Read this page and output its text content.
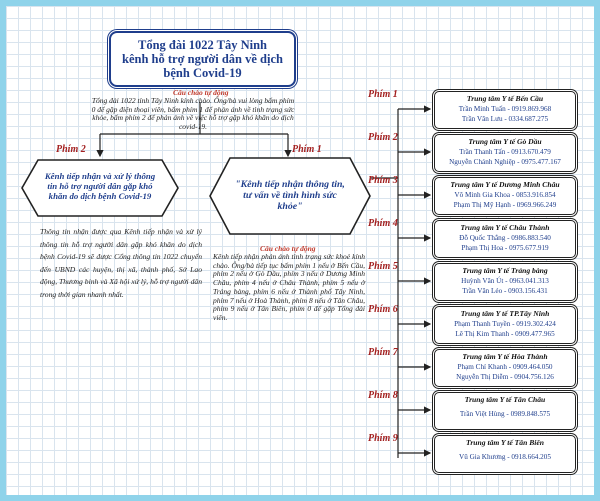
Tổng đài 1022 Tây Ninh
kênh hỗ trợ người dân về dịch
bệnh Covid-19
Câu chào tự động
Tổng đài 1022 tỉnh Tây Ninh kính chào. Ông/bà vui lòng bấm phím 0 để gặp điện thoại viên, bấm phím 1 để phản ánh về tình trạng sức khỏe, bấm phím 2 để phản ánh về việc hỗ trợ gặp khó khăn do dịch covid-19.
Phím 2
Kênh tiếp nhận và xử lý thông tin hỗ trợ người dân gặp khó khăn do dịch bệnh Covid-19
Thông tin nhận được qua Kênh tiếp nhận và xử lý thông tin hỗ trợ người dân gặp khó khăn do dịch bệnh Covid-19 sẽ được Cổng thông tin 1022 chuyển đến UBND các huyện, thị xã, thành phố, Sở Lao động, Thương binh và Xã hội xử lý, hỗ trợ người dân trong thời gian nhanh nhất.
Phím 1
"Kênh tiếp nhận thông tin, tư vấn về tình hình sức khỏe"
Câu chào tự động
Kênh tiếp nhận phản ánh tình trạng sức khoẻ kính chào. Ông/bà tiếp tục bấm phím 1 nếu ở Bến Cầu, phím 2 nếu ở Gò Dầu, phím 3 nếu ở Dương Minh Châu, phím 4 nếu ở Châu Thành, phím 5 nếu ở Trảng bàng, phím 6 nếu ở Thành phố Tây Ninh, phím 7 nếu ở Hoà Thành, phím 8 nếu ở Tân Châu, phím 9 nếu ở Tân Biên, phím 0 để gặp Tổng đài viên.
Phím 1	Trung tâm Y tế Bến Cầu
Trần Minh Tuấn - 0919.869.968
Trần Văn Lưu - 0334.687.275
Phím 2	Trung tâm Y tế Gò Dầu
Trần Thanh Tấn - 0913.670.479
Nguyễn Chánh Nghiệp - 0975.477.167
Phím 3	Trung tâm Y tế Dương Minh Châu
Võ Minh Gia Khoa - 0853.916.854
Phạm Thị Mỹ Hạnh - 0969.966.249
Phím 4	Trung tâm Y tế Châu Thành
Đỗ Quốc Thắng - 0986.883.540
Phạm Thị Hoa - 0975.677.919
Phím 5	Trung tâm Y tế Trảng bàng
Huỳnh Văn Út - 0963.041.313
Trần Văn Léo - 0903.156.431
Phím 6	Trung tâm Y tế TP.Tây Ninh
Phạm Thanh Tuyền - 0919.302.424
Lê Thị Kim Thanh - 0909.477.965
Phím 7	Trung tâm Y tế Hòa Thành
Phạm Chí Khanh - 0909.464.050
Nguyễn Thị Diễm - 0904.756.126
Phím 8	Trung tâm Y tế Tân Châu
Trần Việt Hùng - 0989.848.575
Phím 9	Trung tâm Y tế Tân Biên
Vũ Gia Khương - 0918.664.205
